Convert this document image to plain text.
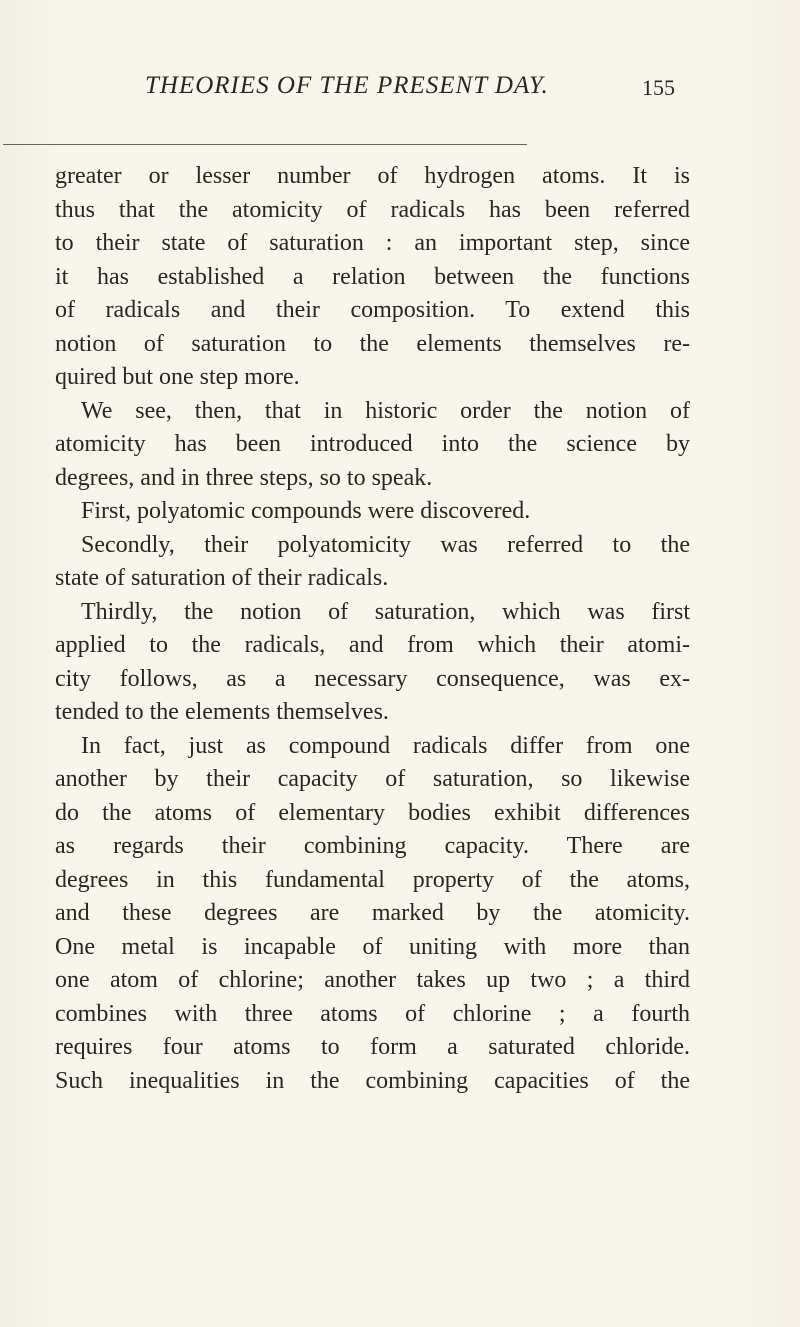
THEORIES OF THE PRESENT DAY.	155
greater or lesser number of hydrogen atoms. It is
thus that the atomicity of radicals has been referred
to their state of saturation : an important step, since
it has established a relation between the functions
of radicals and their composition. To extend this
notion of saturation to the elements themselves re-
quired but one step more.
We see, then, that in historic order the notion of
atomicity has been introduced into the science by
degrees, and in three steps, so to speak.
First, polyatomic compounds were discovered.
Secondly, their polyatomicity was referred to the
state of saturation of their radicals.
Thirdly, the notion of saturation, which was first
applied to the radicals, and from which their atomi-
city follows, as a necessary consequence, was ex-
tended to the elements themselves.
In fact, just as compound radicals differ from one
another by their capacity of saturation, so likewise
do the atoms of elementary bodies exhibit differences
as regards their combining capacity. There are
degrees in this fundamental property of the atoms,
and these degrees are marked by the atomicity.
One metal is incapable of uniting with more than
one atom of chlorine; another takes up two ; a third
combines with three atoms of chlorine ; a fourth
requires four atoms to form a saturated chloride.
Such inequalities in the combining capacities of the
